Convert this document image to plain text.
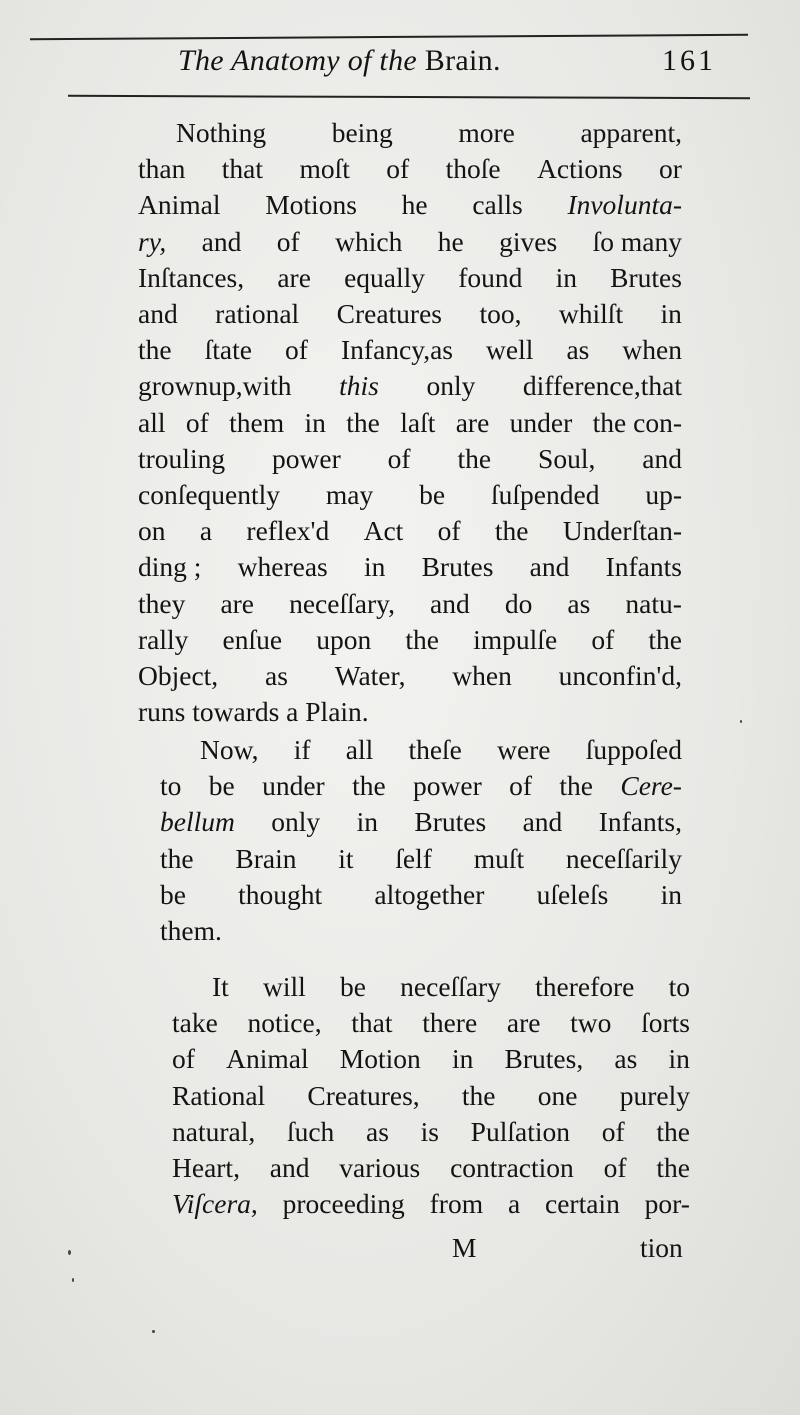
The Anatomy of the Brain.	161
Nothing being more apparent,
than that moſt of thoſe Actions or
Animal Motions he calls Involunta-
ry, and of which he gives ſo many
Inſtances, are equally found in Brutes
and rational Creatures too, whilſt in
the ſtate of Infancy,as well as when
grownup,with this only difference,that
all of them in the laſt are under the con-
trouling power of the Soul, and
conſequently may be ſuſpended up-
on a reflex'd Act of the Underſtan-
ding ; whereas in Brutes and Infants
they are neceſſary, and do as natu-
rally enſue upon the impulſe of the
Object, as Water, when unconfin'd,
runs towards a Plain.
Now, if all theſe were ſuppoſed
to be under the power of the Cere-
bellum only in Brutes and Infants,
the Brain it ſelf muſt neceſſarily
be thought altogether uſeleſs in
them.
It will be neceſſary therefore to
take notice, that there are two ſorts
of Animal Motion in Brutes, as in
Rational Creatures, the one purely
natural, ſuch as is Pulſation of the
Heart, and various contraction of the
Viſcera, proceeding from a certain por-
M	tion
